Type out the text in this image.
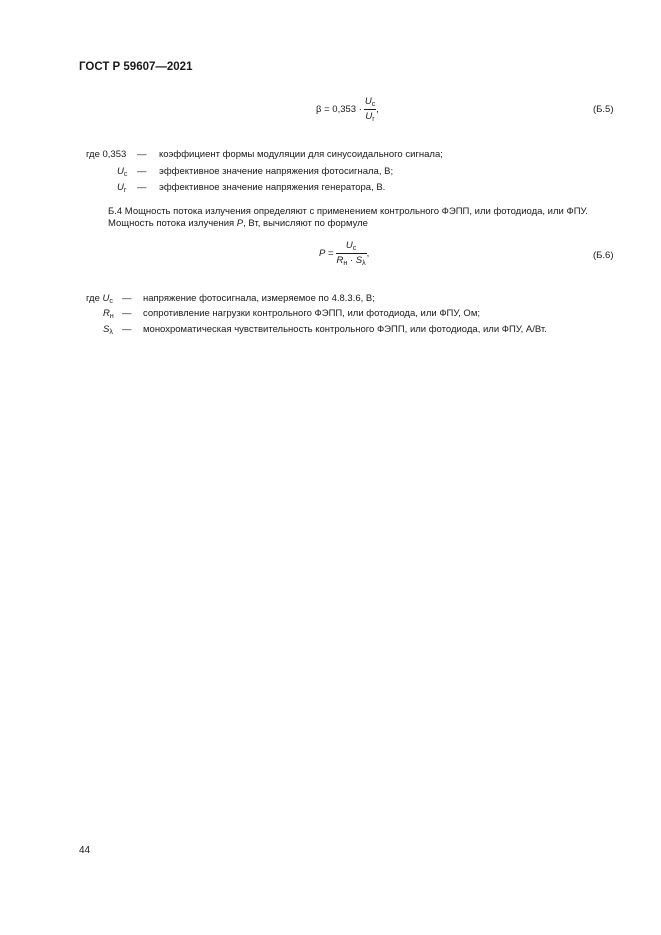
ГОСТ Р 59607—2021
$\beta = 0,353 \cdot \frac{U_с}{U_г}$ ,	(Б.5)
где 0,353 — коэффициент формы модуляции для синусоидального сигнала;
$U_с$ — эффективное значение напряжения фотосигнала, В;
$U_г$ — эффективное значение напряжения генератора, В.
Б.4 Мощность потока излучения определяют с применением контрольного ФЭПП, или фотодиода, или ФПУ.
Мощность потока излучения P, Вт, вычисляют по формуле
$P = \frac{U_с}{R_н \cdot S_\lambda}$ ,	(Б.6)
где $U_с$ — напряжение фотосигнала, измеряемое по 4.8.3.6, В;
$R_н$ — сопротивление нагрузки контрольного ФЭПП, или фотодиода, или ФПУ, Ом;
$S_\lambda$ — монохроматическая чувствительность контрольного ФЭПП, или фотодиода, или ФПУ, А/Вт.
44
